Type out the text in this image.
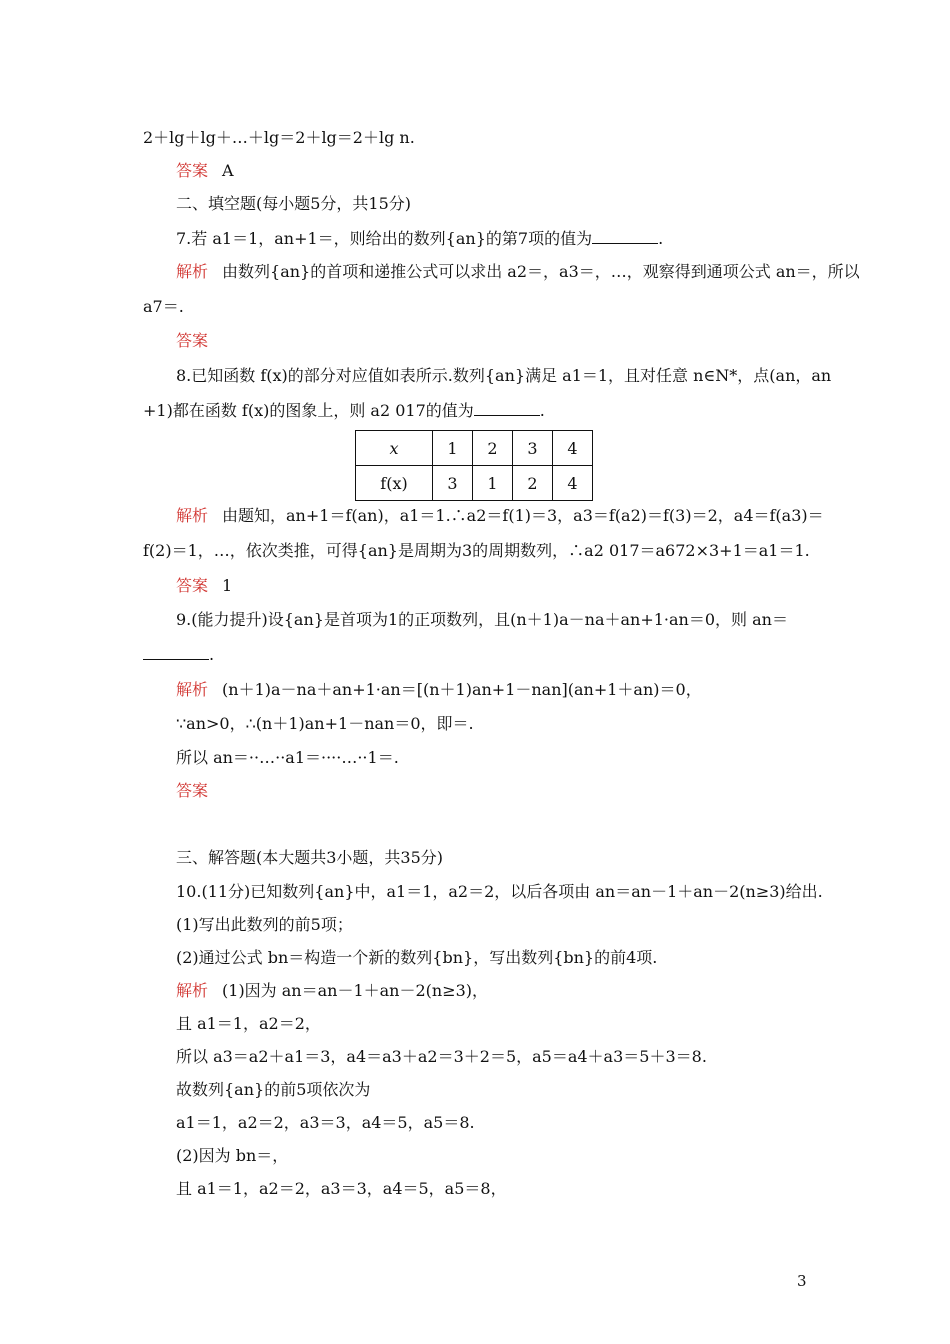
2＋lg＋lg＋…＋lg＝2＋lg＝2＋lg n.
答案 A
二、填空题(每小题5分，共15分)
7.若 a1＝1，an+1＝，则给出的数列{an}的第7项的值为	.
解析 由数列{an}的首项和递推公式可以求出 a2＝，a3＝，…，观察得到通项公式 an＝，所以
a7＝.
答案
8.已知函数 f(x)的部分对应值如表所示.数列{an}满足 a1＝1，且对任意 n∈N*，点(an，an
+1)都在函数 f(x)的图象上，则 a2 017的值为	.
x	1	2	3	4
f(x)	3	1	2	4
解析 由题知，an+1＝f(an)，a1＝1.∴a2＝f(1)＝3，a3＝f(a2)＝f(3)＝2，a4＝f(a3)＝
f(2)＝1，…，依次类推，可得{an}是周期为3的周期数列，∴a2 017＝a672×3+1＝a1＝1.
答案 1
9.(能力提升)设{an}是首项为1的正项数列，且(n＋1)a－na＋an+1·an＝0，则 an＝
.
解析 (n＋1)a－na＋an+1·an＝[(n＋1)an+1－nan](an+1＋an)＝0，
∵an>0，∴(n＋1)an+1－nan＝0，即＝.
所以 an＝··…··a1＝····…··1＝.
答案
三、解答题(本大题共3小题，共35分)
10.(11分)已知数列{an}中，a1＝1，a2＝2，以后各项由 an＝an－1＋an－2(n≥3)给出.
(1)写出此数列的前5项；
(2)通过公式 bn＝构造一个新的数列{bn}，写出数列{bn}的前4项.
解析 (1)因为 an＝an－1＋an－2(n≥3)，
且 a1＝1，a2＝2，
所以 a3＝a2＋a1＝3，a4＝a3＋a2＝3＋2＝5，a5＝a4＋a3＝5＋3＝8.
故数列{an}的前5项依次为
a1＝1，a2＝2，a3＝3，a4＝5，a5＝8.
(2)因为 bn＝，
且 a1＝1，a2＝2，a3＝3，a4＝5，a5＝8，
3
